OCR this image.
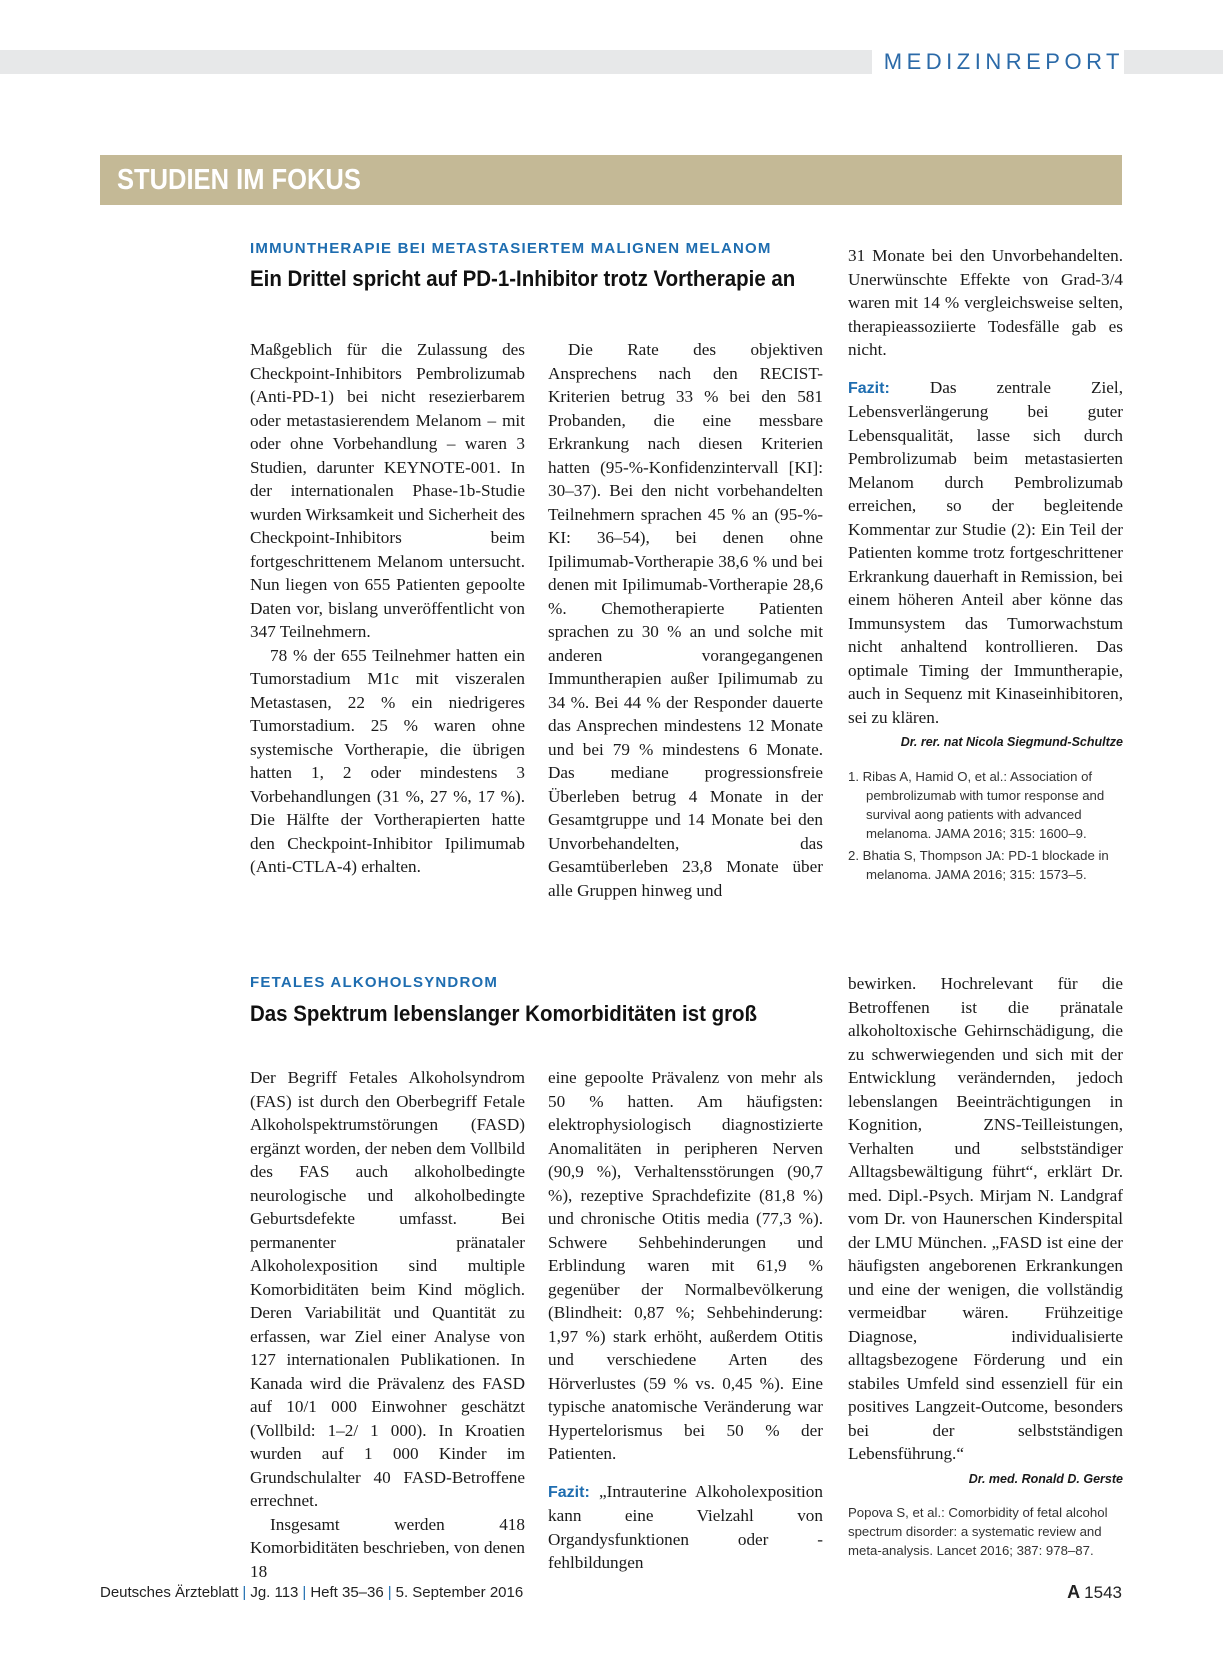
MEDIZINREPORT
STUDIEN IM FOKUS
IMMUNTHERAPIE BEI METASTASIERTEM MALIGNEN MELANOM
Ein Drittel spricht auf PD-1-Inhibitor trotz Vortherapie an

Maßgeblich für die Zulassung des Checkpoint-Inhibitors Pembrolizumab (Anti-PD-1) bei nicht resezierbarem oder metastasierendem Melanom – mit oder ohne Vorbehandlung – waren 3 Studien, darunter KEYNOTE-001. In der internationalen Phase-1b-Studie wurden Wirksamkeit und Sicherheit des Checkpoint-Inhibitors beim fortgeschrittenem Melanom untersucht. Nun liegen von 655 Patienten gepoolte Daten vor, bislang unveröffentlicht von 347 Teilnehmern.

78 % der 655 Teilnehmer hatten ein Tumorstadium M1c mit viszeralen Metastasen, 22 % ein niedrigeres Tumorstadium. 25 % waren ohne systemische Vortherapie, die übrigen hatten 1, 2 oder mindestens 3 Vorbehandlungen (31 %, 27 %, 17 %). Die Hälfte der Vortherapierten hatte den Checkpoint-Inhibitor Ipilimumab (Anti-CTLA-4) erhalten.

Die Rate des objektiven Ansprechens nach den RECIST-Kriterien betrug 33 % bei den 581 Probanden, die eine messbare Erkrankung nach diesen Kriterien hatten (95-%-Konfidenzintervall [KI]: 30–37). Bei den nicht vorbehandelten Teilnehmern sprachen 45 % an (95-%-KI: 36–54), bei denen ohne Ipilimumab-Vortherapie 38,6 % und bei denen mit Ipilimumab-Vortherapie 28,6 %. Chemotherapierte Patienten sprachen zu 30 % an und solche mit anderen vorangegangenen Immuntherapien außer Ipilimumab zu 34 %. Bei 44 % der Responder dauerte das Ansprechen mindestens 12 Monate und bei 79 % mindestens 6 Monate. Das mediane progressionsfreie Überleben betrug 4 Monate in der Gesamtgruppe und 14 Monate bei den Unvorbehandelten, das Gesamtüberleben 23,8 Monate über alle Gruppen hinweg und

31 Monate bei den Unvorbehandelten. Unerwünschte Effekte von Grad-3/4 waren mit 14 % vergleichsweise selten, therapieassoziierte Todesfälle gab es nicht.

Fazit: Das zentrale Ziel, Lebensverlängerung bei guter Lebensqualität, lasse sich durch Pembrolizumab beim metastasierten Melanom durch Pembrolizumab erreichen, so der begleitende Kommentar zur Studie (2): Ein Teil der Patienten komme trotz fortgeschrittener Erkrankung dauerhaft in Remission, bei einem höheren Anteil aber könne das Immunsystem das Tumorwachstum nicht anhaltend kontrollieren. Das optimale Timing der Immuntherapie, auch in Sequenz mit Kinaseinhibitoren, sei zu klären.

Dr. rer. nat Nicola Siegmund-Schultze

1. Ribas A, Hamid O, et al.: Association of pembrolizumab with tumor response and survival aong patients with advanced melanoma. JAMA 2016; 315: 1600–9.

2. Bhatia S, Thompson JA: PD-1 blockade in melanoma. JAMA 2016; 315: 1573–5.

FETALES ALKOHOLSYNDROM
Das Spektrum lebenslanger Komorbiditäten ist groß

Der Begriff Fetales Alkoholsyndrom (FAS) ist durch den Oberbegriff Fetale Alkoholspektrumstörungen (FASD) ergänzt worden, der neben dem Vollbild des FAS auch alkoholbedingte neurologische und alkoholbedingte Geburtsdefekte umfasst. Bei permanenter pränataler Alkoholexposition sind multiple Komorbiditäten beim Kind möglich. Deren Variabilität und Quantität zu erfassen, war Ziel einer Analyse von 127 internationalen Publikationen. In Kanada wird die Prävalenz des FASD auf 10/1 000 Einwohner geschätzt (Vollbild: 1–2/ 1 000). In Kroatien wurden auf 1 000 Kinder im Grundschulalter 40 FASD-Betroffene errechnet.

Insgesamt werden 418 Komorbiditäten beschrieben, von denen 18

eine gepoolte Prävalenz von mehr als 50 % hatten. Am häufigsten: elektrophysiologisch diagnostizierte Anomalitäten in peripheren Nerven (90,9 %), Verhaltensstörungen (90,7 %), rezeptive Sprachdefizite (81,8 %) und chronische Otitis media (77,3 %). Schwere Sehbehinderungen und Erblindung waren mit 61,9 % gegenüber der Normalbevölkerung (Blindheit: 0,87 %; Sehbehinderung: 1,97 %) stark erhöht, außerdem Otitis und verschiedene Arten des Hörverlustes (59 % vs. 0,45 %). Eine typische anatomische Veränderung war Hypertelorismus bei 50 % der Patienten.

Fazit: „Intrauterine Alkoholexposition kann eine Vielzahl von Organdysfunktionen oder -fehlbildungen

bewirken. Hochrelevant für die Betroffenen ist die pränatale alkoholtoxische Gehirnschädigung, die zu schwerwiegenden und sich mit der Entwicklung verändernden, jedoch lebenslangen Beeinträchtigungen in Kognition, ZNS-Teilleistungen, Verhalten und selbstständiger Alltagsbewältigung führt“, erklärt Dr. med. Dipl.-Psych. Mirjam N. Landgraf vom Dr. von Haunerschen Kinderspital der LMU München. „FASD ist eine der häufigsten angeborenen Erkrankungen und eine der wenigen, die vollständig vermeidbar wären. Frühzeitige Diagnose, individualisierte alltagsbezogene Förderung und ein stabiles Umfeld sind essenziell für ein positives Langzeit-Outcome, besonders bei der selbstständigen Lebensführung.“

Dr. med. Ronald D. Gerste

Popova S, et al.: Comorbidity of fetal alcohol spectrum disorder: a systematic review and meta-analysis. Lancet 2016; 387: 978–87.

Deutsches Ärzteblatt | Jg. 113 | Heft 35–36 | 5. September 2016	A 1543
